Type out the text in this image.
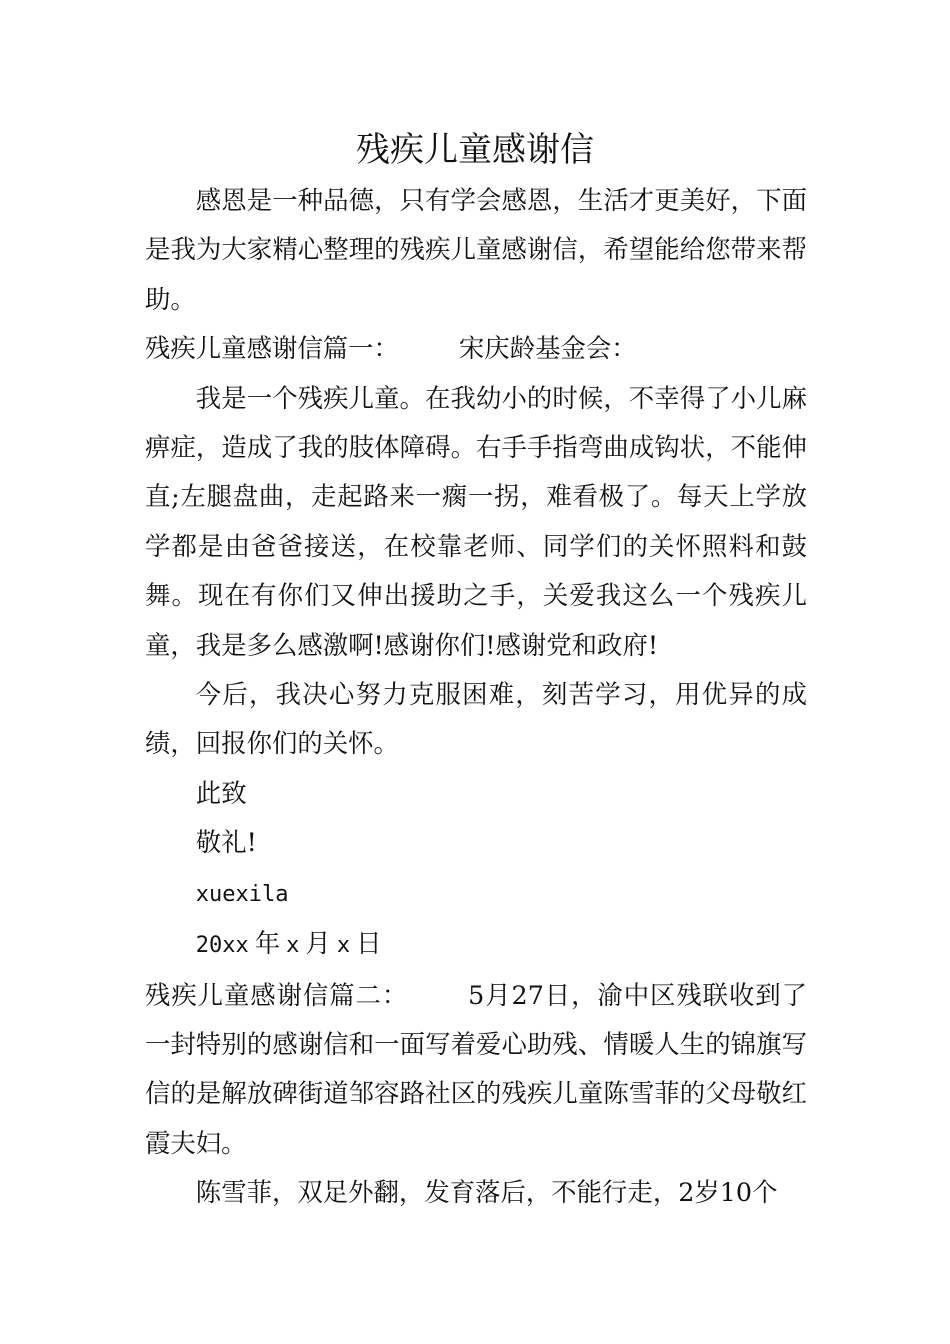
残疾儿童感谢信

感恩是一种品德，只有学会感恩，生活才更美好，下面是我为大家精心整理的残疾儿童感谢信，希望能给您带来帮助。

残疾儿童感谢信篇一： 宋庆龄基金会：

我是一个残疾儿童。在我幼小的时候，不幸得了小儿麻痹症，造成了我的肢体障碍。右手手指弯曲成钩状，不能伸直;左腿盘曲，走起路来一瘸一拐，难看极了。每天上学放学都是由爸爸接送，在校靠老师、同学们的关怀照料和鼓舞。现在有你们又伸出援助之手，关爱我这么一个残疾儿童，我是多么感激啊!感谢你们!感谢党和政府!

今后，我决心努力克服困难，刻苦学习，用优异的成绩，回报你们的关怀。

此致

敬礼!

xuexila

20xx 年 x 月 x 日

残疾儿童感谢信篇二： 5月27日，渝中区残联收到了一封特别的感谢信和一面写着爱心助残、情暖人生的锦旗写信的是解放碑街道邹容路社区的残疾儿童陈雪菲的父母敬红霞夫妇。

陈雪菲，双足外翻，发育落后，不能行走，2岁10个
